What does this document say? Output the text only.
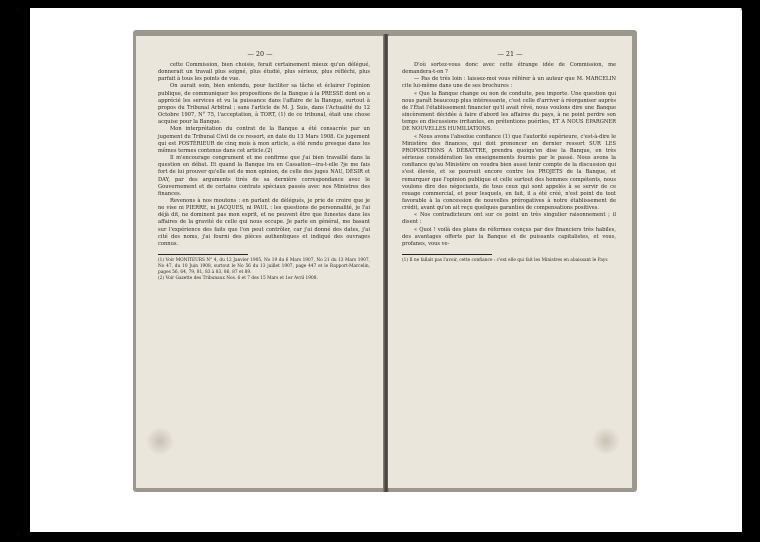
— 20 —

cette Commission, bien choisie, ferait certainement mieux qu'un délégué, donnerait un travail plus soigné, plus étudié, plus sérieux, plus réfléchi, plus parfait à tous les points de vue.

On aurait soin, bien entendu, pour faciliter sa tâche et éclairer l'opinion publique, de communiquer les propositions de la Banque à la PRESSE dont on a apprécié les services et vu la puissance dans l'affaire de la Banque, surtout à propos du Tribunal Arbitral ; sans l'article de M. J. Suis, dans l'Actualité du 12 Octobre 1907, N° 75, l'acceptation, à TORT, (1) de ce tribunal, était une chose acquise pour la Banque.

Mon interprétation du contrat de la Banque a été consacrée par un jugement du Tribunal Civil de ce ressort, en date du 13 Mars 1908. Ce jugement qui est POSTÉRIEUR de cinq mois à mon article, a été rendu presque dans les mêmes termes contenus dans cet article.(2)

Il m'encourage congrument et me confirme que j'ai bien travaillé dans la question en débat. Et quand la Banque ira en Cassation—ira-t-elle ?je me fais fort de lui prouver qu'elle est de mon opinion, de celle des juges NAU, DÉSIR et DAY, par des arguments tirés de sa dernière correspondance avec le Gouvernement et de certains contrats spéciaux passés avec nos Ministres des finances.

Revenons à nos moutons : en parlant de délégués, je prie de croire que je ne vise ni PIERRE, ni JACQUES, ni PAUL : les questions de personnalité, je l'ai déjà dit, ne dominent pas mon esprit, et ne peuvent être que funestes dans les affaires de la gravité de celle qui nous occupe. Je parle en général, me basant sur l'expérience des faits que l'on peut contrôler, car j'ai donné des dates, j'ai cité des noms, j'ai fourni des pièces authentiques et indiqué des ouvrages connus.

(1) Voir MONITEURS N° 4, du 12 Janvier 1905, No 19 du 6 Mars 1907, No 21 du 13 Mars 1907, No 47, du 10 Juin 1908, surtout le No 56 du 13 juillet 1907, page 447 et le Rapport-Marcelin, pages 56, 64, 79, 81, 83 à 83, 86, 87 et 89.

(2) Voir Gazette des Tribunaux Nos. 6 et 7 des 15 Mars et 1er Avril 1908.

— 21 —

D'où sortez-vous donc avec cette étrange idée de Commission, me demandera-t-on ?

— Pas de très loin : laissez-moi vous référer à un auteur que M. MARCELIN cite lui-même dans une de ses brochures :

« Que la Banque change ou non de conduite, peu importe. Une question qui nous paraît beaucoup plus intéressante, c'est celle d'arriver à réorganiser auprès de l'État l'établissement financier qu'il avait rêvé, nous voulons dire une Banque sincèrement décidée à faire d'abord les affaires du pays, à ne point perdre son temps en discussions irritantes, en prétentions puériles, ET A NOUS ÉPARGNER DE NOUVELLES HUMILIATIONS.

« Nous avons l'absolue confiance (1) que l'autorité supérieure, c'est-à-dire le Ministère des finances, qui doit prononcer en dernier ressort SUR LES PROPOSITIONS A DÉBATTRE, prendra quoiqu'en dise la Banque, en très sérieuse considération les enseignements fournis par le passé. Nous avons la confiance qu'au Ministère on voudra bien aussi tenir compte de la discussion qui s'est élevée, et se poursuit encore contre les PROJETS de la Banque, et remarquer que l'opinion publique et celle surtout des hommes compétents, nous voulons dire des négociants, de tous ceux qui sont appelés à se servir de ce rouage commercial, et pour lesquels, en fait, il a été créé, n'est point du tout favorable à la concession de nouvelles prérogatives à notre établissement de crédit, avant qu'on ait reçu quelques garanties de compensations positives.

« Nos contradicteurs ont sur ce point un très singulier raisonnement ; il disent :

« Quoi ! voilà des plans de réformes conçus par des financiers très habiles, des avantages offerts par la Banque et de puissants capitalistes, et vous, profanes, vous ve-

(1) Il ne fallait pas l'avoir, cette confiance : c'est elle qui fait les Ministres en abaissant le Pays

‹	›
‹	›
